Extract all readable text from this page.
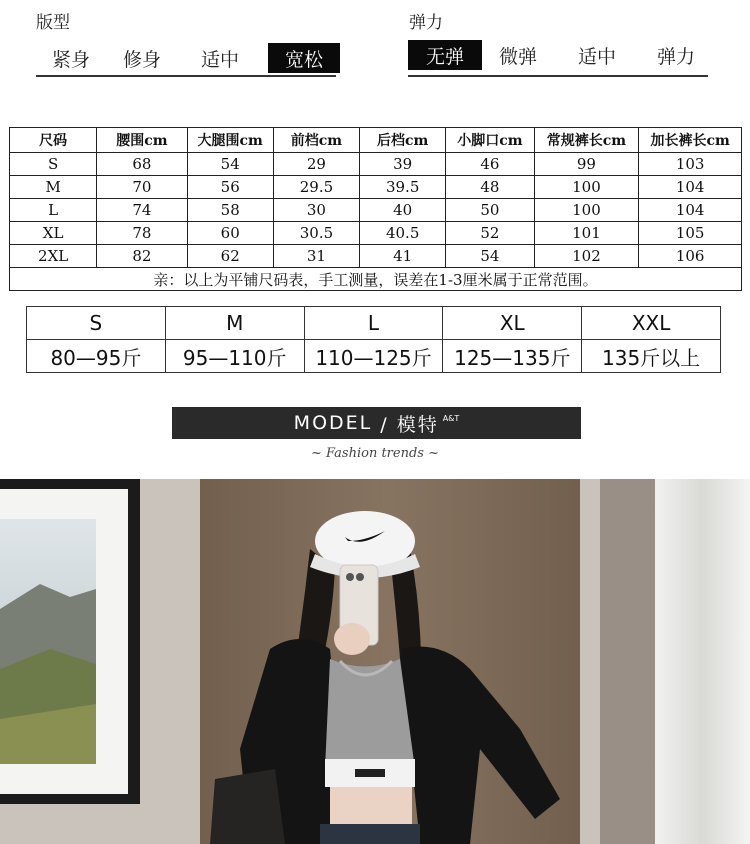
版型
紧身	修身	适中	宽松
弹力
无弹	微弹	适中	弹力
尺码	腰围cm	大腿围cm	前档cm	后档cm	小脚口cm	常规裤长cm	加长裤长cm
S	68	54	29	39	46	99	103
M	70	56	29.5	39.5	48	100	104
L	74	58	30	40	50	100	104
XL	78	60	30.5	40.5	52	101	105
2XL	82	62	31	41	54	102	106
亲：以上为平铺尺码表，手工测量，误差在1-3厘米属于正常范围。							
S	M	L	XL	XXL
80—95斤	95—110斤	110—125斤	125—135斤	135斤以上
MODEL / 模特 A&T
~ Fashion trends ~
